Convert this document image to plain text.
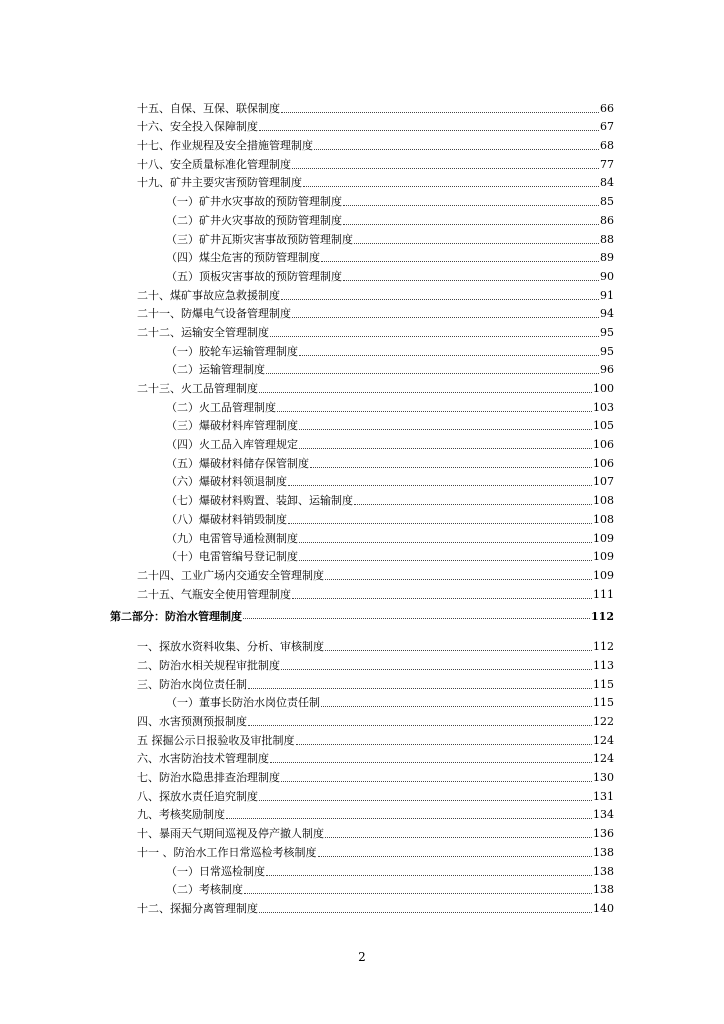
十五、自保、互保、联保制度	66
十六、安全投入保障制度	67
十七、作业规程及安全措施管理制度	68
十八、安全质量标准化管理制度	77
十九、矿井主要灾害预防管理制度	84
（一）矿井水灾事故的预防管理制度	85
（二）矿井火灾事故的预防管理制度	86
（三）矿井瓦斯灾害事故预防管理制度	88
（四）煤尘危害的预防管理制度	89
（五）顶板灾害事故的预防管理制度	90
二十、煤矿事故应急救援制度	91
二十一、防爆电气设备管理制度	94
二十二、运输安全管理制度	95
（一）胶轮车运输管理制度	95
（二）运输管理制度	96
二十三、火工品管理制度	100
（二）火工品管理制度	103
（三）爆破材料库管理制度	105
（四）火工品入库管理规定	106
（五）爆破材料储存保管制度	106
（六）爆破材料领退制度	107
（七）爆破材料购置、装卸、运输制度	108
（八）爆破材料销毁制度	108
（九）电雷管导通检测制度	109
（十）电雷管编号登记制度	109
二十四、工业广场内交通安全管理制度	109
二十五、气瓶安全使用管理制度	111
第二部分：防治水管理制度	112
一、探放水资料收集、分析、审核制度	112
二、防治水相关规程审批制度	113
三、防治水岗位责任制	115
（一）董事长防治水岗位责任制	115
四、水害预测预报制度	122
五 探掘公示日报验收及审批制度	124
六、水害防治技术管理制度	124
七、防治水隐患排查治理制度	130
八、探放水责任追究制度	131
九、考核奖励制度	134
十、暴雨天气期间巡视及停产撤人制度	136
十一 、防治水工作日常巡检考核制度	138
（一）日常巡检制度	138
（二）考核制度	138
十二、探掘分离管理制度	140
2
